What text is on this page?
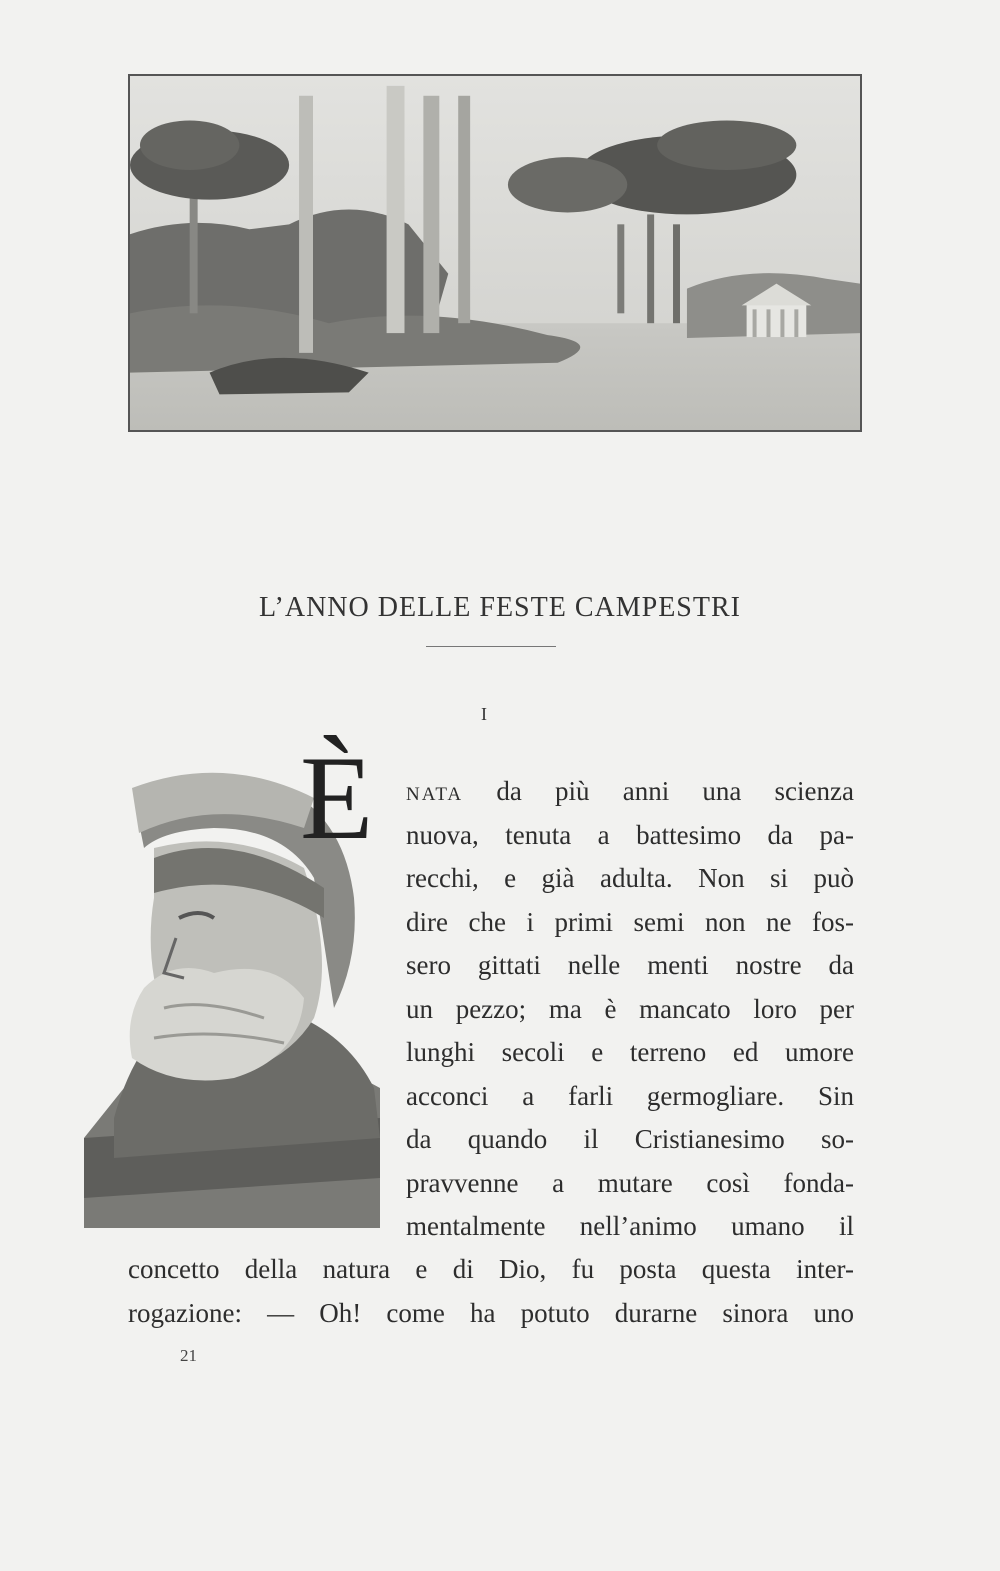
L’ANNO DELLE FESTE CAMPESTRI
I
È	nata da più anni una scienza
nuova, tenuta a battesimo da pa-
recchi, e già adulta. Non si può
dire che i primi semi non ne fos-
sero gittati nelle menti nostre da
un pezzo; ma è mancato loro per
lunghi secoli e terreno ed umore
acconci a farli germogliare. Sin
da quando il Cristianesimo so-
pravvenne a mutare così fonda-
mentalmente nell’animo umano il
concetto della natura e di Dio, fu posta questa inter-
rogazione: — Oh! come ha potuto durarne sinora uno
21
